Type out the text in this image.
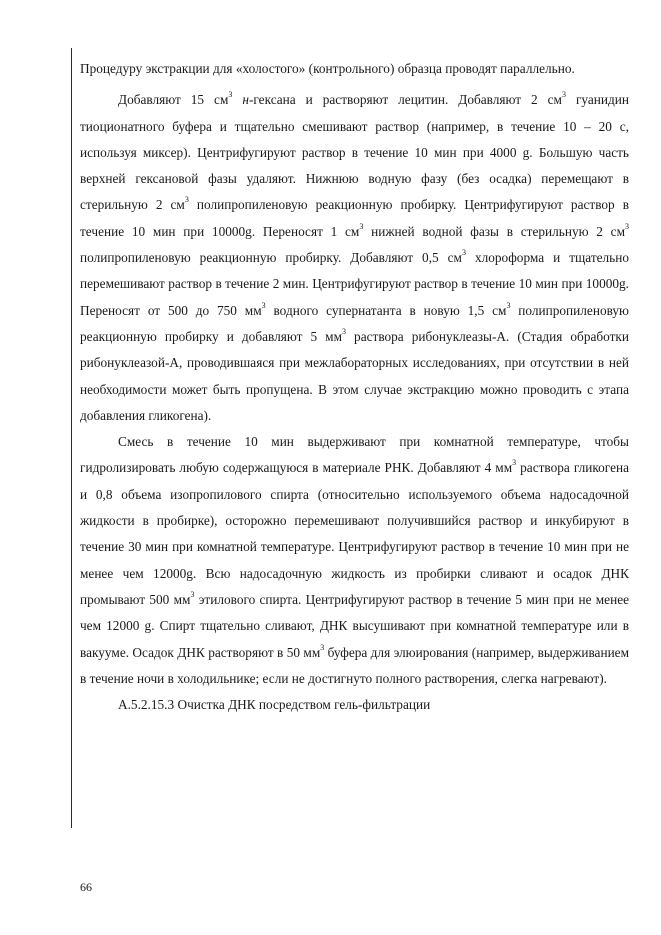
Процедуру экстракции для «холостого» (контрольного) образца проводят параллельно.

Добавляют 15 $см^3$ н-гексана и растворяют лецитин. Добавляют 2 $см^3$ гуанидин тиоционатного буфера и тщательно смешивают раствор (например, в течение 10 – 20 с, используя миксер). Центрифугируют раствор в течение 10 мин при 4000 g. Большую часть верхней гексановой фазы удаляют. Нижнюю водную фазу (без осадка) перемещают в стерильную 2 $см^3$ полипропиленовую реакционную пробирку. Центрифугируют раствор в течение 10 мин при 10000g. Переносят 1 $см^3$ нижней водной фазы в стерильную 2 $см^3$ полипропиленовую реакционную пробирку. Добавляют 0,5 $см^3$ хлороформа и тщательно перемешивают раствор в течение 2 мин. Центрифугируют раствор в течение 10 мин при 10000g. Переносят от 500 до 750 $мм^3$ водного супернатанта в новую 1,5 $см^3$ полипропиленовую реакционную пробирку и добавляют 5 $мм^3$ раствора рибонуклеазы-А. (Стадия обработки рибонуклеазой-А, проводившаяся при межлабораторных исследованиях, при отсутствии в ней необходимости может быть пропущена. В этом случае экстракцию можно проводить с этапа добавления гликогена).

Смесь в течение 10 мин выдерживают при комнатной температуре, чтобы гидролизировать любую содержащуюся в материале РНК. Добавляют 4 $мм^3$ раствора гликогена и 0,8 объема изопропилового спирта (относительно используемого объема надосадочной жидкости в пробирке), осторожно перемешивают получившийся раствор и инкубируют в течение 30 мин при комнатной температуре. Центрифугируют раствор в течение 10 мин при не менее чем 12000g. Всю надосадочную жидкость из пробирки сливают и осадок ДНК промывают 500 $мм^3$ этилового спирта. Центрифугируют раствор в течение 5 мин при не менее чем 12000 g. Спирт тщательно сливают, ДНК высушивают при комнатной температуре или в вакууме. Осадок ДНК растворяют в 50 $мм^3$ буфера для элюирования (например, выдерживанием в течение ночи в холодильнике; если не достигнуто полного растворения, слегка нагревают).

А.5.2.15.3 Очистка ДНК посредством гель-фильтрации

66
